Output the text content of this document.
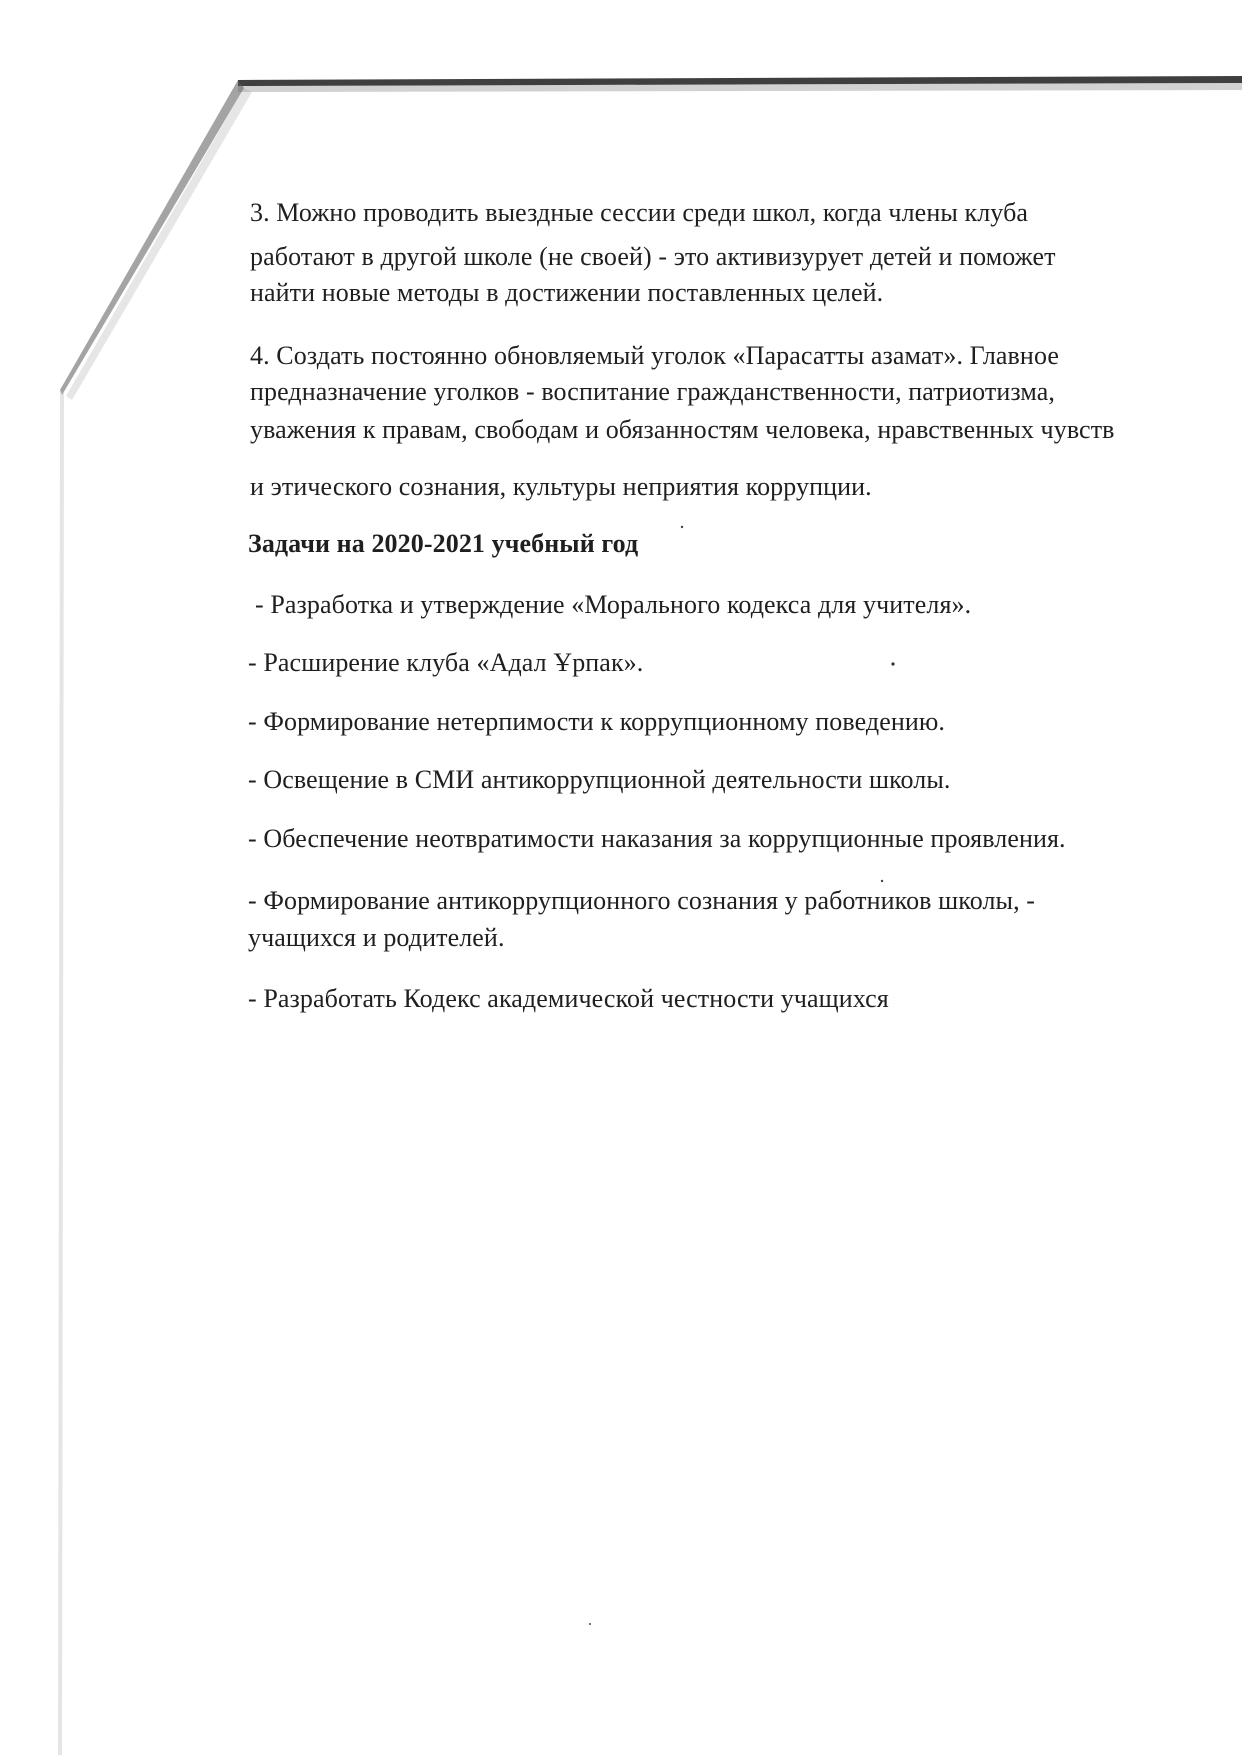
3. Можно проводить выездные сессии среди школ, когда члены клуба
работают в другой школе (не своей) - это активизурует детей и поможет
найти новые методы в достижении поставленных целей.
4. Создать постоянно обновляемый уголок «Парасатты азамат». Главное
предназначение уголков - воспитание гражданственности, патриотизма,
уважения к правам, свободам и обязанностям человека, нравственных чувств
и этического сознания, культуры неприятия коррупции.
Задачи на 2020-2021 учебный год
- Разработка и утверждение «Морального кодекса для учителя».
- Расширение клуба «Адал Ұрпак».
- Формирование нетерпимости к коррупционному поведению.
- Освещение в СМИ антикоррупционной деятельности школы.
- Обеспечение неотвратимости наказания за коррупционные проявления.
- Формирование антикоррупционного сознания у работников школы, -
учащихся и родителей.
- Разработать Кодекс академической честности учащихся
